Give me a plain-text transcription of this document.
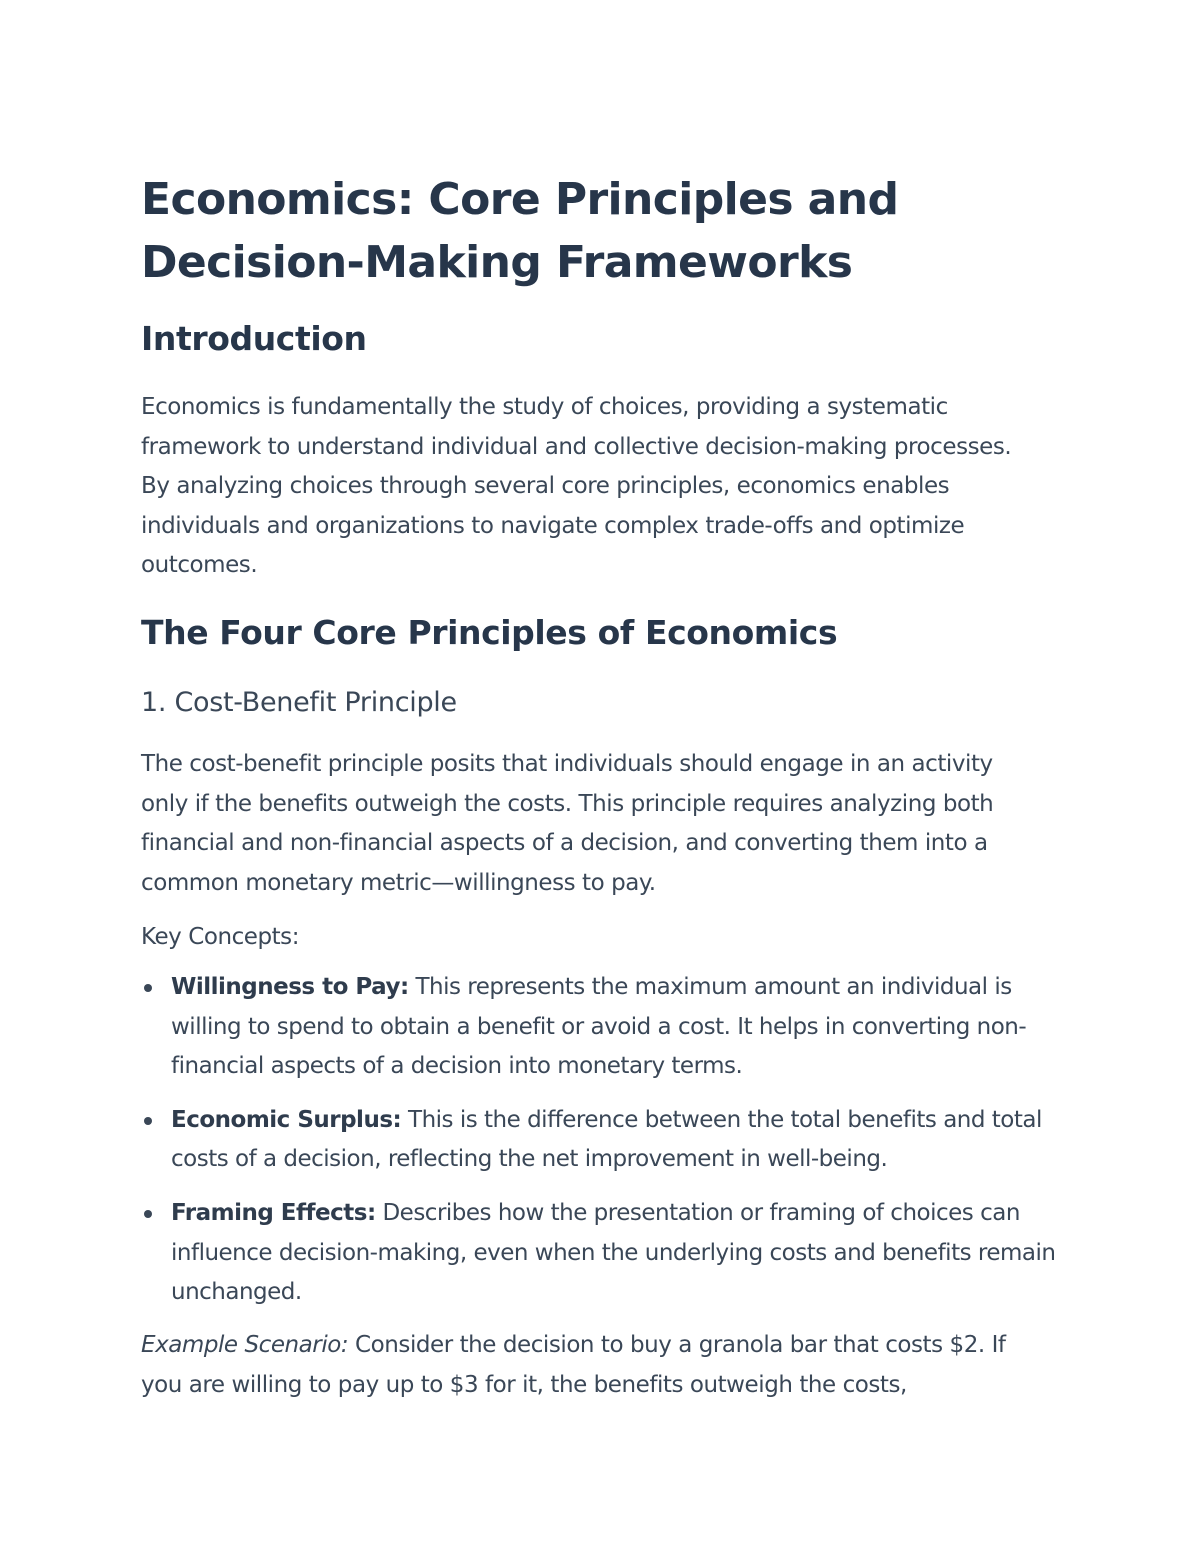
Economics: Core Principles and Decision-Making Frameworks
Introduction

Economics is fundamentally the study of choices, providing a systematic framework to understand individual and collective decision-making processes. By analyzing choices through several core principles, economics enables individuals and organizations to navigate complex trade-offs and optimize outcomes.

The Four Core Principles of Economics
1. Cost-Benefit Principle

The cost-benefit principle posits that individuals should engage in an activity only if the benefits outweigh the costs. This principle requires analyzing both financial and non-financial aspects of a decision, and converting them into a common monetary metric—willingness to pay.

Key Concepts:

Willingness to Pay: This represents the maximum amount an individual is willing to spend to obtain a benefit or avoid a cost. It helps in converting non-financial aspects of a decision into monetary terms.
Economic Surplus: This is the difference between the total benefits and total costs of a decision, reflecting the net improvement in well-being.
Framing Effects: Describes how the presentation or framing of choices can influence decision-making, even when the underlying costs and benefits remain unchanged.

Example Scenario: Consider the decision to buy a granola bar that costs $2. If you are willing to pay up to $3 for it, the benefits outweigh the costs,
